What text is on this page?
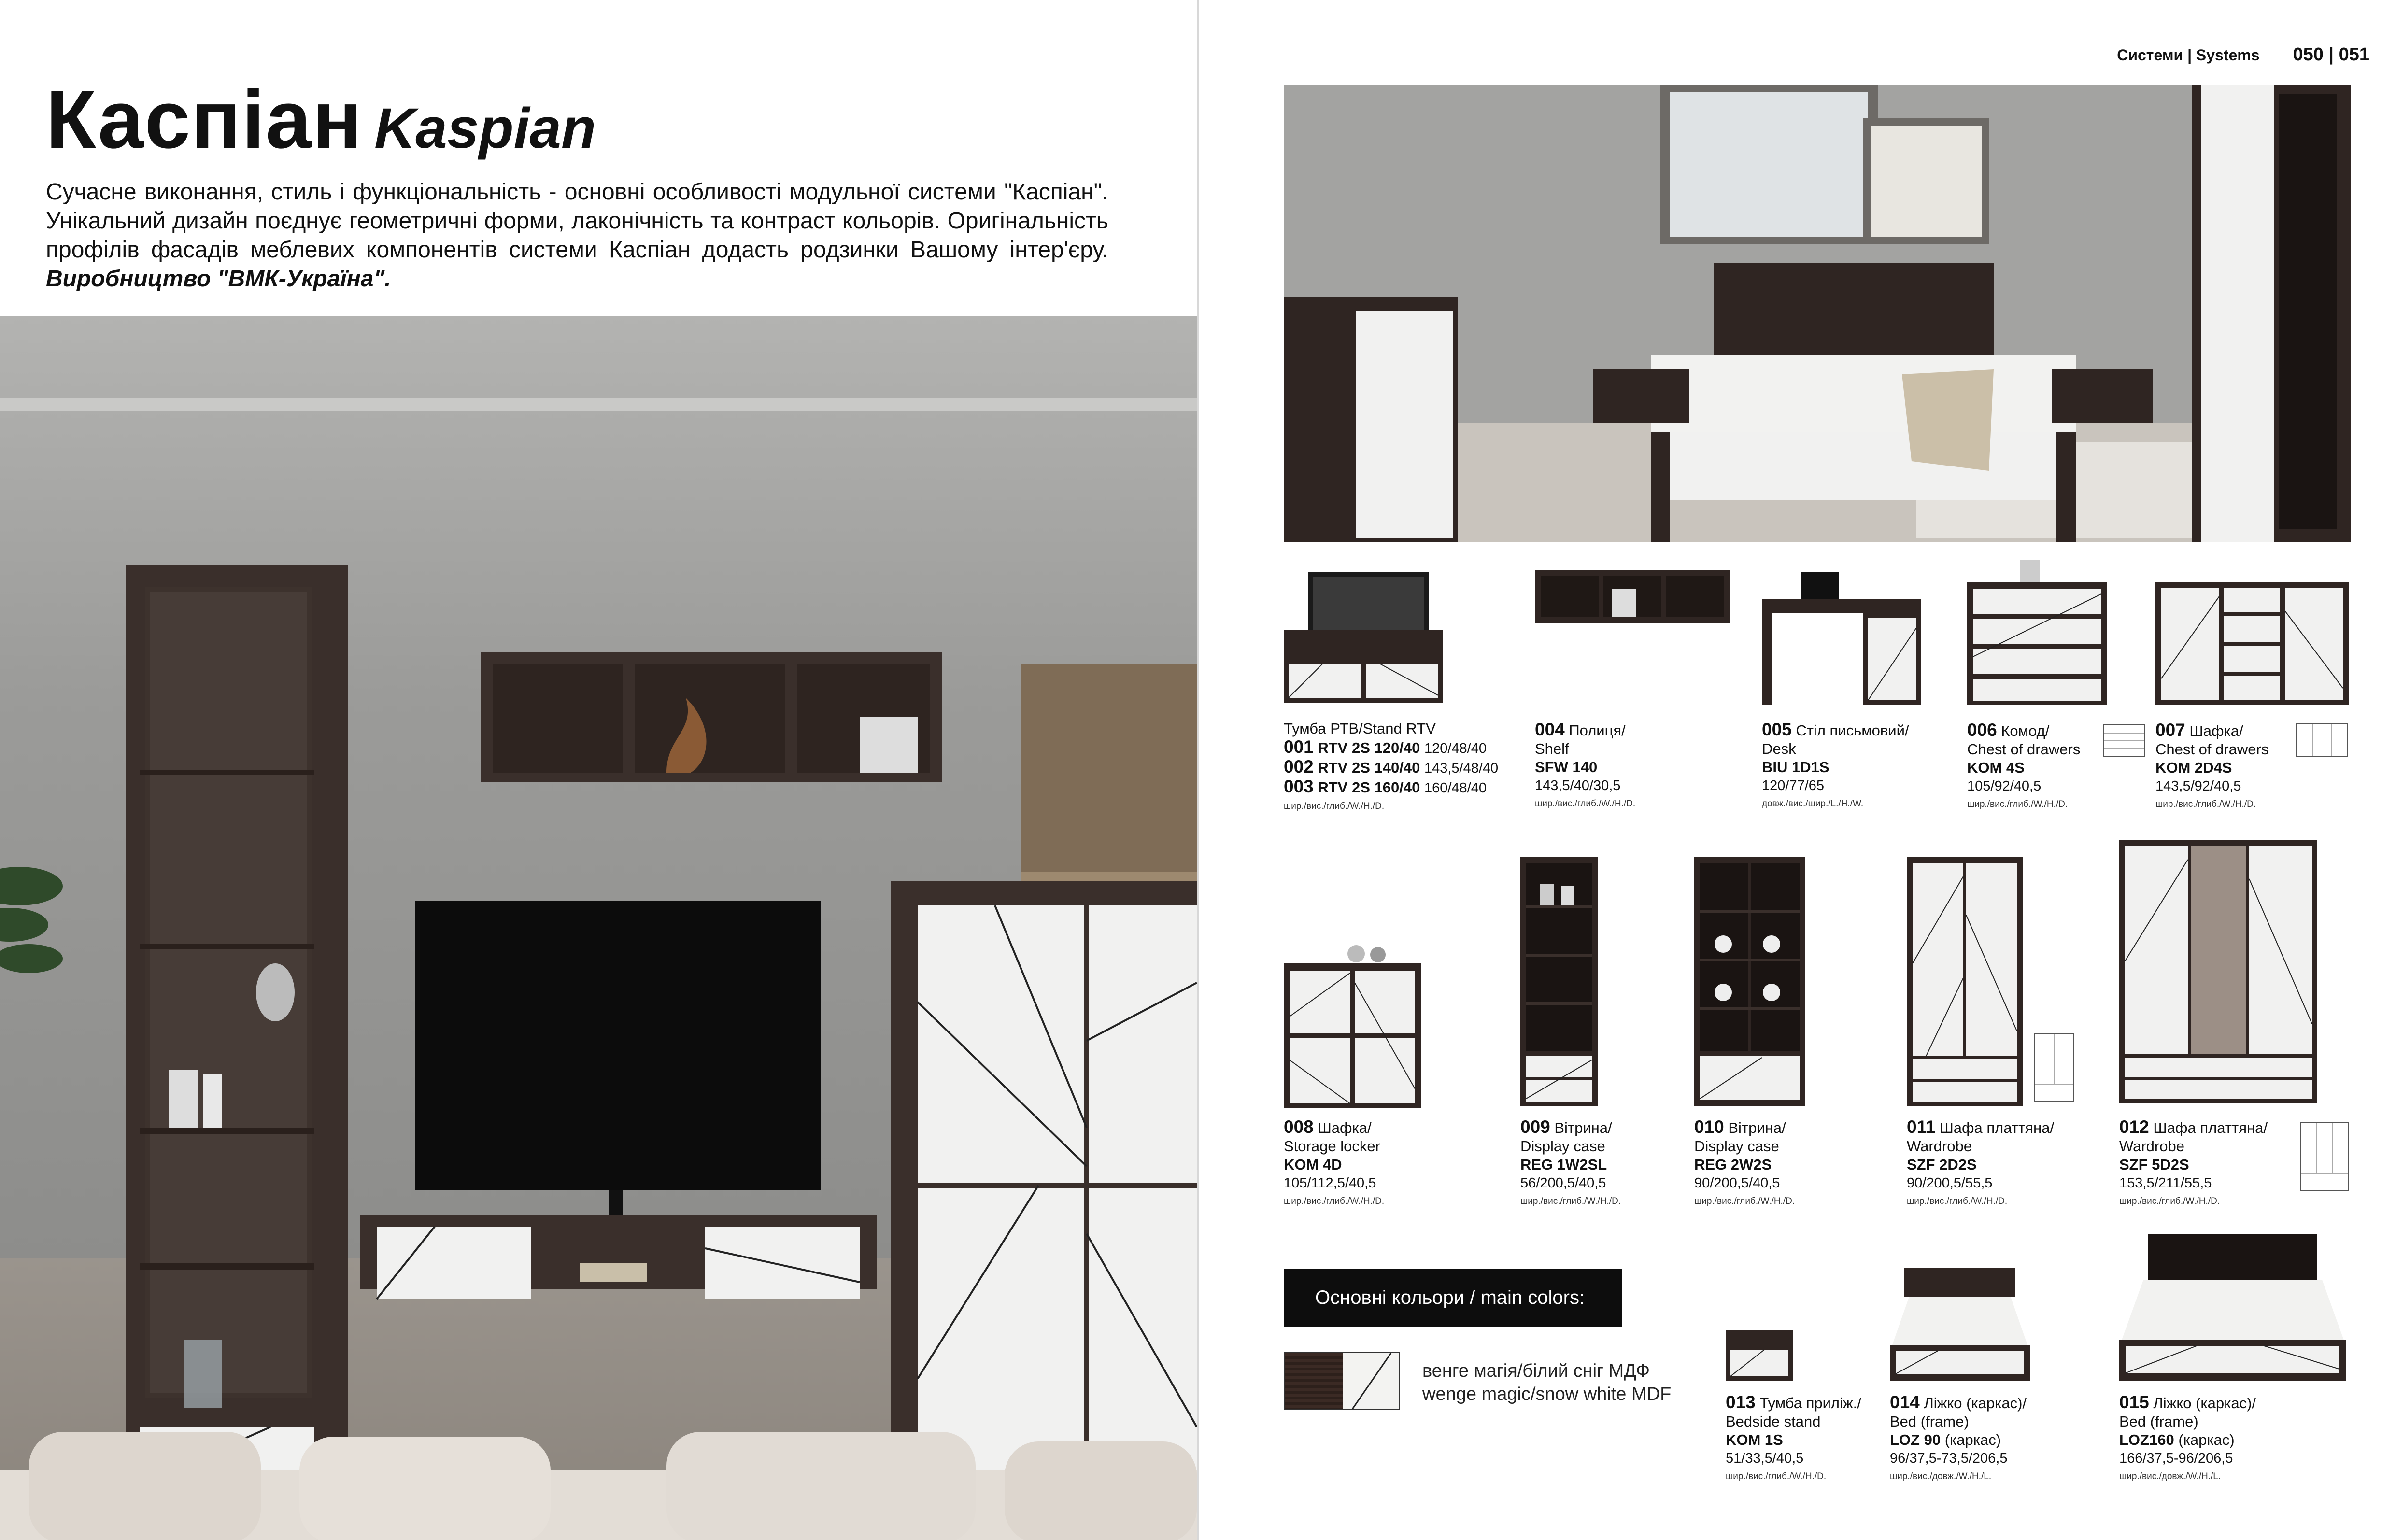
Каспіан Kaspian

Сучасне виконання, стиль і функціональність - основні особливості модульної системи "Каспіан". Унікальний дизайн поєднує геометричні форми, лаконічність та контраст кольорів. Оригінальність профілів фасадів меблевих компонентів системи Каспіан додасть родзинки Вашому інтер'єру. Виробництво "ВМК-Україна".

Системи | Systems 050 | 051
Тумба РТВ/Stand RTV
001 RTV 2S 120/40 120/48/40
002 RTV 2S 140/40 143,5/48/40
003 RTV 2S 160/40 160/48/40
шир./вис./глиб./W./H./D.
004 Полиця/
Shelf
SFW 140
143,5/40/30,5
шир./вис./глиб./W./H./D.
005 Стіл письмовий/
Desk
BIU 1D1S
120/77/65
довж./вис./шир./L./H./W.
006 Комод/
Chest of drawers
KOM 4S
105/92/40,5
шир./вис./глиб./W./H./D.
007 Шафка/
Chest of drawers
KOM 2D4S
143,5/92/40,5
шир./вис./глиб./W./H./D.
008 Шафка/
Storage locker
KOM 4D
105/112,5/40,5
шир./вис./глиб./W./H./D.
009 Вітрина/
Display case
REG 1W2SL
56/200,5/40,5
шир./вис./глиб./W./H./D.
010 Вітрина/
Display case
REG 2W2S
90/200,5/40,5
шир./вис./глиб./W./H./D.
011 Шафа платтяна/
Wardrobe
SZF 2D2S
90/200,5/55,5
шир./вис./глиб./W./H./D.
012 Шафа платтяна/
Wardrobe
SZF 5D2S
153,5/211/55,5
шир./вис./глиб./W./H./D.
Основні кольори / main colors:
венге магія/білий сніг МДФ
wenge magic/snow white MDF	013 Тумба приліж./
Bedside stand
KOM 1S
51/33,5/40,5
шир./вис./глиб./W./H./D.
014 Ліжко (каркас)/
Bed (frame)
LOZ 90 (каркас)
96/37,5-73,5/206,5
шир./вис./довж./W./H./L.
015 Ліжко (каркас)/
Bed (frame)
LOZ160 (каркас)
166/37,5-96/206,5
шир./вис./довж./W./H./L.
